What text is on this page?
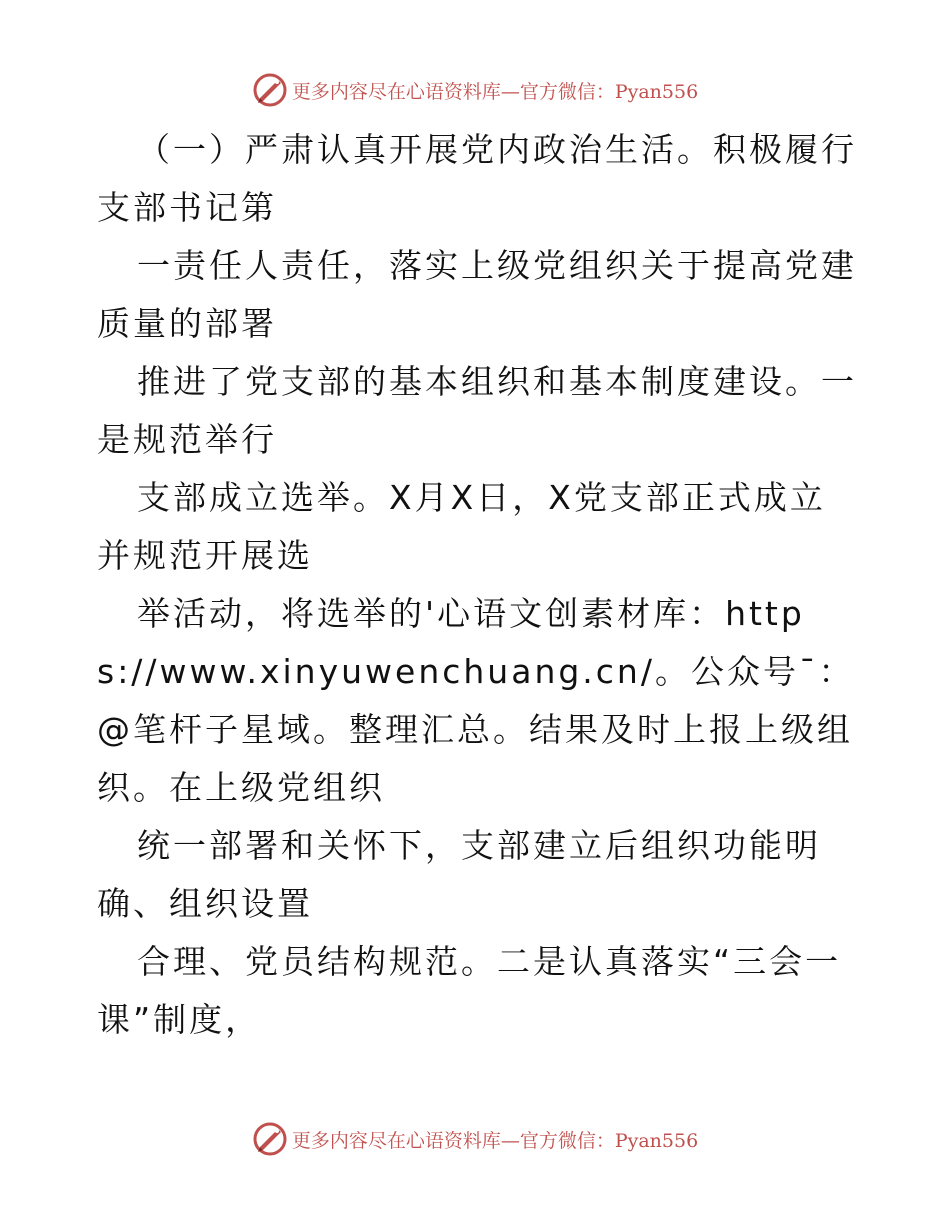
更多内容尽在心语资料库—官方微信：Pyan556

（一）严肃认真开展党内政治生活。积极履行支部书记第

一责任人责任，落实上级党组织关于提高党建质量的部署

推进了党支部的基本组织和基本制度建设。一是规范举行

支部成立选举。X月X日，X党支部正式成立并规范开展选

举活动，将选举的'心语文创素材库：https://www.xinyuwenchuang.cn/。公众号¯：@笔杆子星域。整理汇总。结果及时上报上级组织。在上级党组织

统一部署和关怀下，支部建立后组织功能明确、组织设置

合理、党员结构规范。二是认真落实“三会一课”制度，

更多内容尽在心语资料库—官方微信：Pyan556
